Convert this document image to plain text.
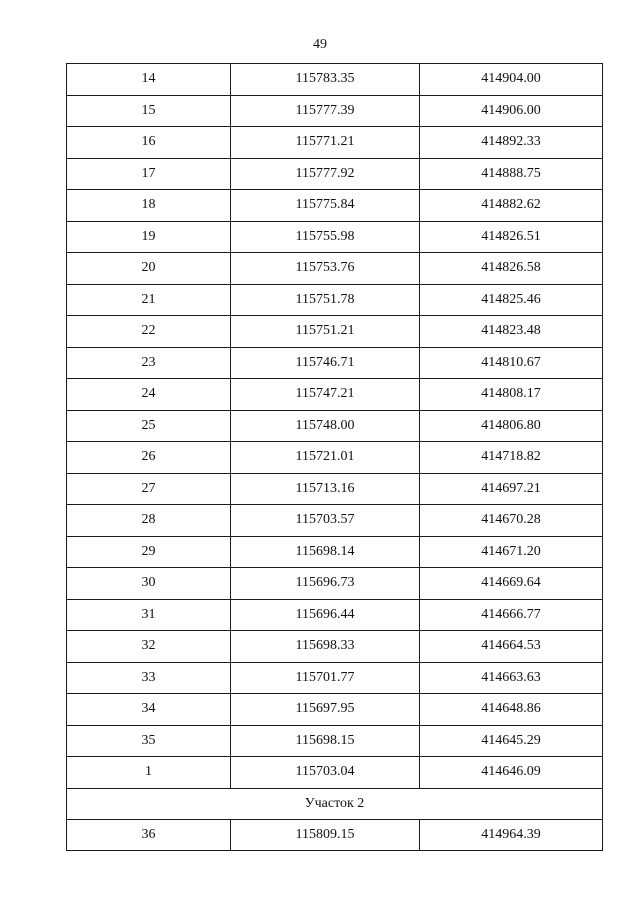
49
14	115783.35	414904.00
15	115777.39	414906.00
16	115771.21	414892.33
17	115777.92	414888.75
18	115775.84	414882.62
19	115755.98	414826.51
20	115753.76	414826.58
21	115751.78	414825.46
22	115751.21	414823.48
23	115746.71	414810.67
24	115747.21	414808.17
25	115748.00	414806.80
26	115721.01	414718.82
27	115713.16	414697.21
28	115703.57	414670.28
29	115698.14	414671.20
30	115696.73	414669.64
31	115696.44	414666.77
32	115698.33	414664.53
33	115701.77	414663.63
34	115697.95	414648.86
35	115698.15	414645.29
1	115703.04	414646.09
Участок 2		
36	115809.15	414964.39
